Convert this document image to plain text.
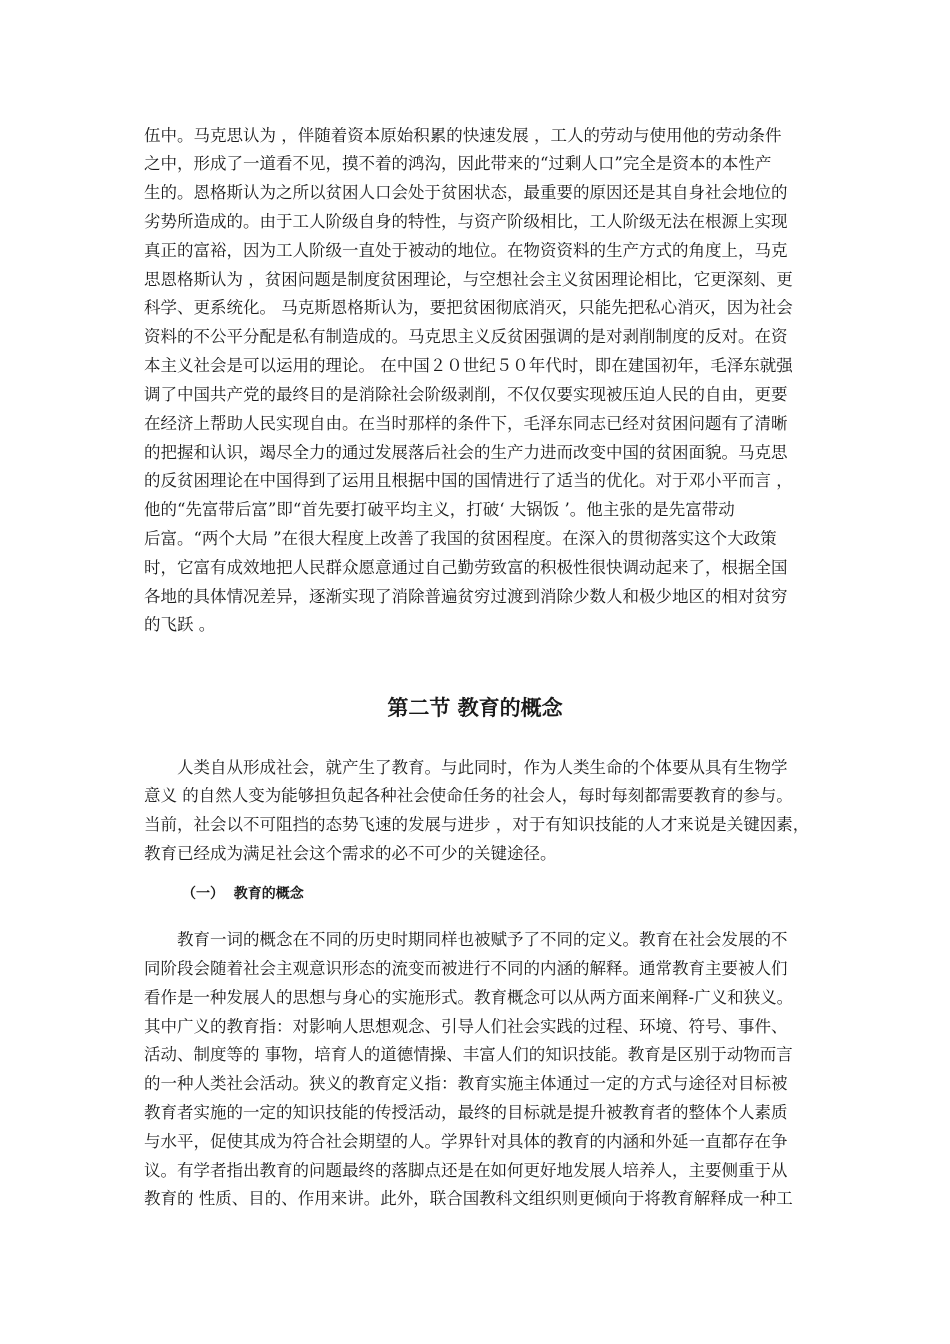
伍中。马克思认为 ，伴随着资本原始积累的快速发展 ，工人的劳动与使用他的劳动条件
之中，形成了一道看不见，摸不着的鸿沟，因此带来的“过剩人口”完全是资本的本性产
生的。恩格斯认为之所以贫困人口会处于贫困状态，最重要的原因还是其自身社会地位的
劣势所造成的。由于工人阶级自身的特性，与资产阶级相比，工人阶级无法在根源上实现
真正的富裕，因为工人阶级一直处于被动的地位。在物资资料的生产方式的角度上，马克
思恩格斯认为 ，贫困问题是制度贫困理论，与空想社会主义贫困理论相比，它更深刻、更
科学、更系统化。 马克斯恩格斯认为，要把贫困彻底消灭，只能先把私心消灭，因为社会
资料的不公平分配是私有制造成的。马克思主义反贫困强调的是对剥削制度的反对。在资
本主义社会是可以运用的理论。 在中国２０世纪５０年代时，即在建国初年，毛泽东就强
调了中国共产党的最终目的是消除社会阶级剥削，不仅仅要实现被压迫人民的自由，更要
在经济上帮助人民实现自由。在当时那样的条件下，毛泽东同志已经对贫困问题有了清晰
的把握和认识，竭尽全力的通过发展落后社会的生产力进而改变中国的贫困面貌。马克思
的反贫困理论在中国得到了运用且根据中国的国情进行了适当的优化。对于邓小平而言 ，
他的“先富带后富”即“首先要打破平均主义，打破‘ 大锅饭 ’。他主张的是先富带动
后富。“两个大局 ”在很大程度上改善了我国的贫困程度。在深入的贯彻落实这个大政策
时，它富有成效地把人民群众愿意通过自己勤劳致富的积极性很快调动起来了，根据全国
各地的具体情况差异，逐渐实现了消除普遍贫穷过渡到消除少数人和极少地区的相对贫穷
的飞跃 。
第二节 教育的概念
人类自从形成社会，就产生了教育。与此同时，作为人类生命的个体要从具有生物学
意义 的自然人变为能够担负起各种社会使命任务的社会人，每时每刻都需要教育的参与。
当前，社会以不可阻挡的态势飞速的发展与进步 ，对于有知识技能的人才来说是关键因素，
教育已经成为满足社会这个需求的必不可少的关键途径。
（一）  教育的概念
教育一词的概念在不同的历史时期同样也被赋予了不同的定义。教育在社会发展的不
同阶段会随着社会主观意识形态的流变而被进行不同的内涵的解释。通常教育主要被人们
看作是一种发展人的思想与身心的实施形式。教育概念可以从两方面来阐释-广义和狭义。
其中广义的教育指：对影响人思想观念、引导人们社会实践的过程、环境、符号、事件、
活动、制度等的 事物，培育人的道德情操、丰富人们的知识技能。教育是区别于动物而言
的一种人类社会活动。狭义的教育定义指：教育实施主体通过一定的方式与途径对目标被
教育者实施的一定的知识技能的传授活动，最终的目标就是提升被教育者的整体个人素质
与水平，促使其成为符合社会期望的人。学界针对具体的教育的内涵和外延一直都存在争
议。有学者指出教育的问题最终的落脚点还是在如何更好地发展人培养人，主要侧重于从
教育的 性质、目的、作用来讲。此外，联合国教科文组织则更倾向于将教育解释成一种工
